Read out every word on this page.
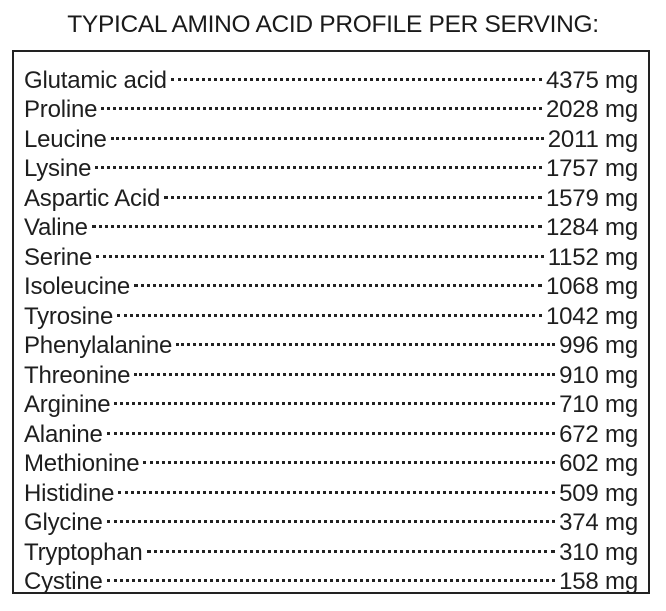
TYPICAL AMINO ACID PROFILE PER SERVING:
Glutamic acid	4375 mg
Proline	2028 mg
Leucine	2011 mg
Lysine	1757 mg
Aspartic Acid	1579 mg
Valine	1284 mg
Serine	1152 mg
Isoleucine	1068 mg
Tyrosine	1042 mg
Phenylalanine	996 mg
Threonine	910 mg
Arginine	710 mg
Alanine	672 mg
Methionine	602 mg
Histidine	509 mg
Glycine	374 mg
Tryptophan	310 mg
Cystine	158 mg
